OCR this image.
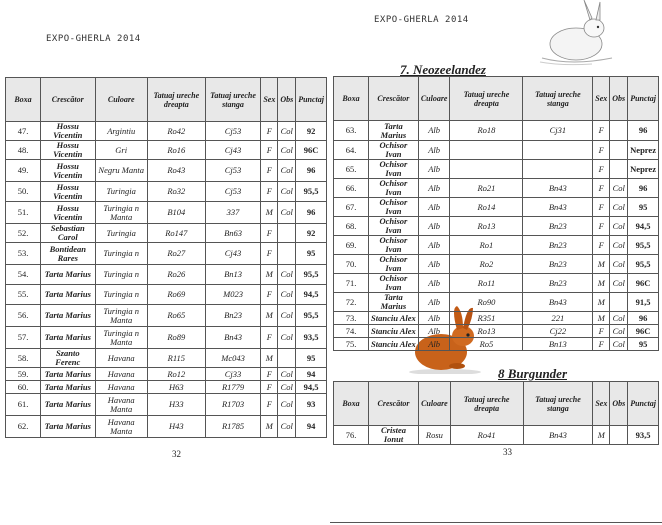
EXPO-GHERLA 2014
EXPO-GHERLA 2014
Boxa	Crescător	Culoare	Tatuaj ureche dreapta	Tatuaj ureche stanga	Sex	Obs	Punctaj
47.	Hossu Vicentin	Argintiu	Ro42	Cj53	F	Col	92
48.	Hossu Vicentin	Gri	Ro16	Cj43	F	Col	96C
49.	Hossu Vicentin	Negru Manta	Ro43	Cj53	F	Col	96
50.	Hossu Vicentin	Turingia	Ro32	Cj53	F	Col	95,5
51.	Hossu Vicentin	Turingia n Manta	B104	337	M	Col	96
52.	Sebastian Carol	Turingia	Ro147	Bn63	F		92
53.	Bontidean Rares	Turingia n	Ro27	Cj43	F		95
54.	Tarta Marius	Turingia n	Ro26	Bn13	M	Col	95,5
55.	Tarta Marius	Turingia n	Ro69	M023	F	Col	94,5
56.	Tarta Marius	Turingia n Manta	Ro65	Bn23	M	Col	95,5
57.	Tarta Marius	Turingia n Manta	Ro89	Bn43	F	Col	93,5
58.	Szanto Ferenc	Havana	R115	Mc043	M		95
59.	Tarta Marius	Havana	Ro12	Cj33	F	Col	94
60.	Tarta Marius	Havana	H63	R1779	F	Col	94,5
61.	Tarta Marius	Havana Manta	H33	R1703	F	Col	93
62.	Tarta Marius	Havana Manta	H43	R1785	M	Col	94
32
7. Neozeelandez
Boxa	Crescător	Culoare	Tatuaj ureche dreapta	Tatuaj ureche stanga	Sex	Obs	Punctaj
63.	Tarta Marius	Alb	Ro18	Cj31	F		96
64.	Ochisor Ivan	Alb			F		Neprez
65.	Ochisor Ivan	Alb			F		Neprez
66.	Ochisor Ivan	Alb	Ro21	Bn43	F	Col	96
67.	Ochisor Ivan	Alb	Ro14	Bn43	F	Col	95
68.	Ochisor Ivan	Alb	Ro13	Bn23	F	Col	94,5
69.	Ochisor Ivan	Alb	Ro1	Bn23	F	Col	95,5
70.	Ochisor Ivan	Alb	Ro2	Bn23	M	Col	95,5
71.	Ochisor Ivan	Alb	Ro11	Bn23	M	Col	96C
72.	Tarta Marius	Alb	Ro90	Bn43	M		91,5
73.	Stanciu Alex	Alb	R351	221	M	Col	96
74.	Stanciu Alex	Alb	Ro13	Cj22	F	Col	96C
75.	Stanciu Alex	Alb	Ro5	Bn13	F	Col	95
8 Burgunder
Boxa	Crescător	Culoare	Tatuaj ureche dreapta	Tatuaj ureche stanga	Sex	Obs	Punctaj
76.	Cristea Ionut	Rosu	Ro41	Bn43	M		93,5
33
